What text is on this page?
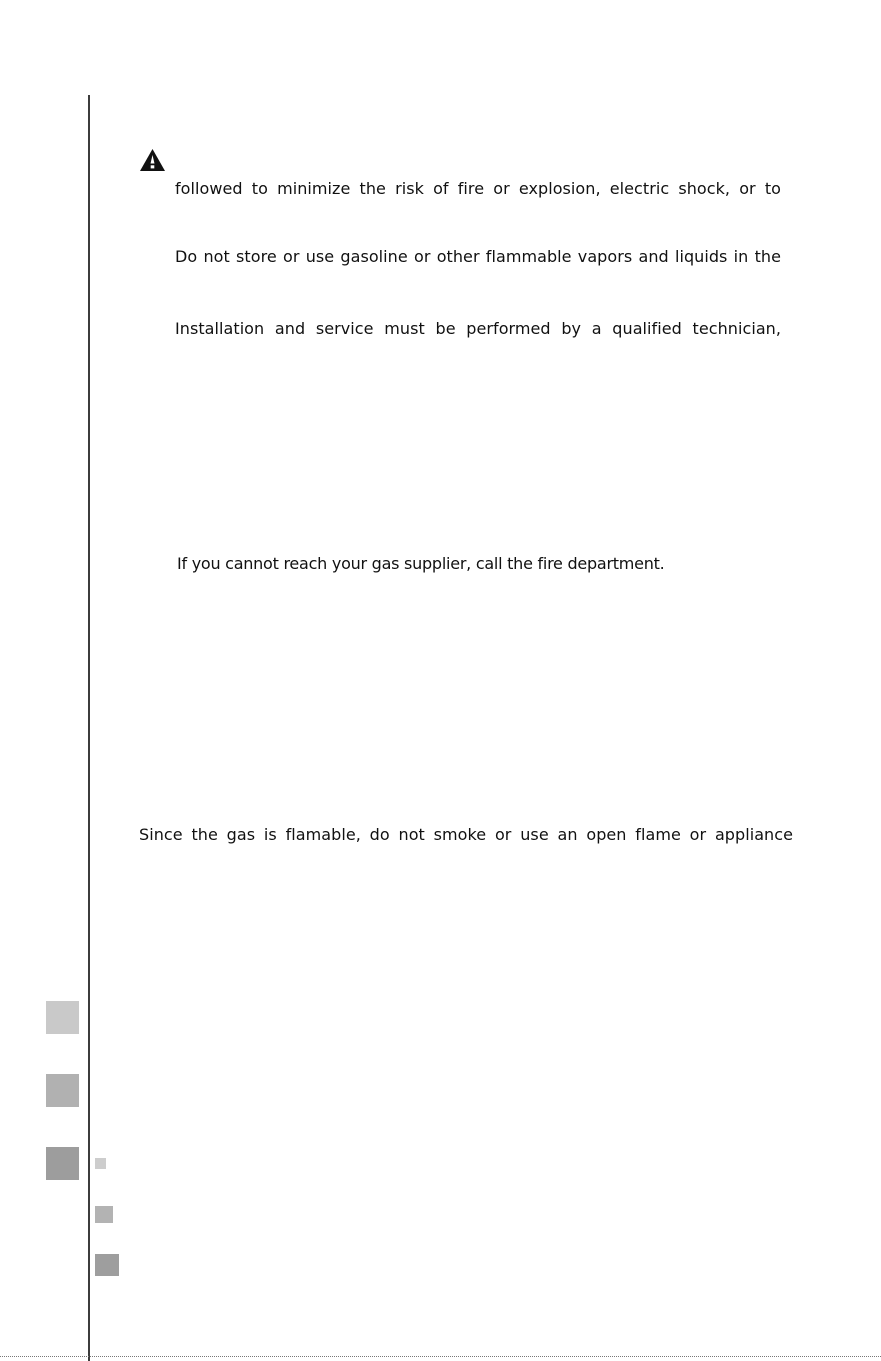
followed to minimize the risk of fire or explosion, electric shock, or to
Do not store or use gasoline or other flammable vapors and liquids in the
Installation and service must be performed by a qualified technician,
If you cannot reach your gas supplier, call the fire department.
Since the gas is flamable, do not smoke or use an open flame or appliance
